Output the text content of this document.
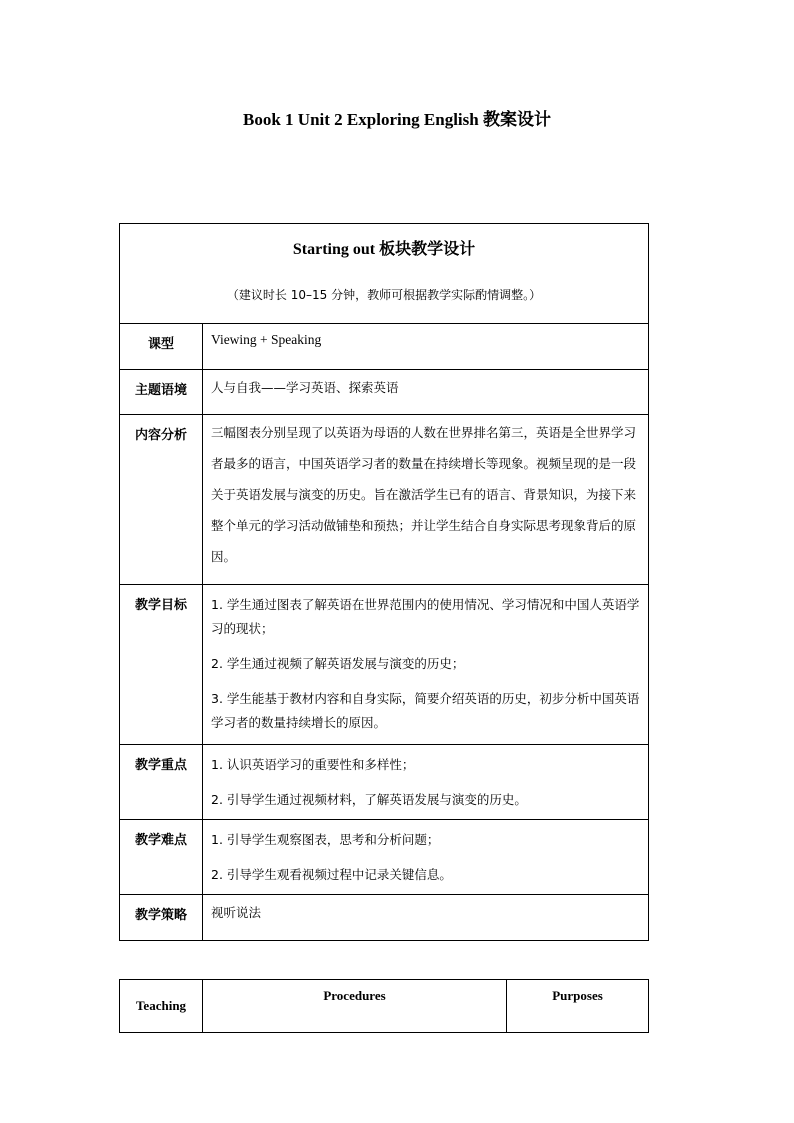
Book 1 Unit 2 Exploring English 教案设计
Starting out 板块教学设计
（建议时长 10–15 分钟，教师可根据教学实际酌情调整。）	

课型	Viewing + Speaking
主题语境	人与自我——学习英语、探索英语
内容分析	三幅图表分别呈现了以英语为母语的人数在世界排名第三，英语是全世界学习者最多的语言，中国英语学习者的数量在持续增长等现象。视频呈现的是一段关于英语发展与演变的历史。旨在激活学生已有的语言、背景知识，为接下来整个单元的学习活动做铺垫和预热；并让学生结合自身实际思考现象背后的原因。

教学目标	1. 学生通过图表了解英语在世界范围内的使用情况、学习情况和中国人英语学习的现状；
2. 学生通过视频了解英语发展与演变的历史；
3. 学生能基于教材内容和自身实际，简要介绍英语的历史，初步分析中国英语学习者的数量持续增长的原因。

教学重点	1. 认识英语学习的重要性和多样性；
2. 引导学生通过视频材料，了解英语发展与演变的历史。

教学难点	1. 引导学生观察图表，思考和分析问题；
2. 引导学生观看视频过程中记录关键信息。

教学策略	视听说法
Teaching	Procedures	Purposes
